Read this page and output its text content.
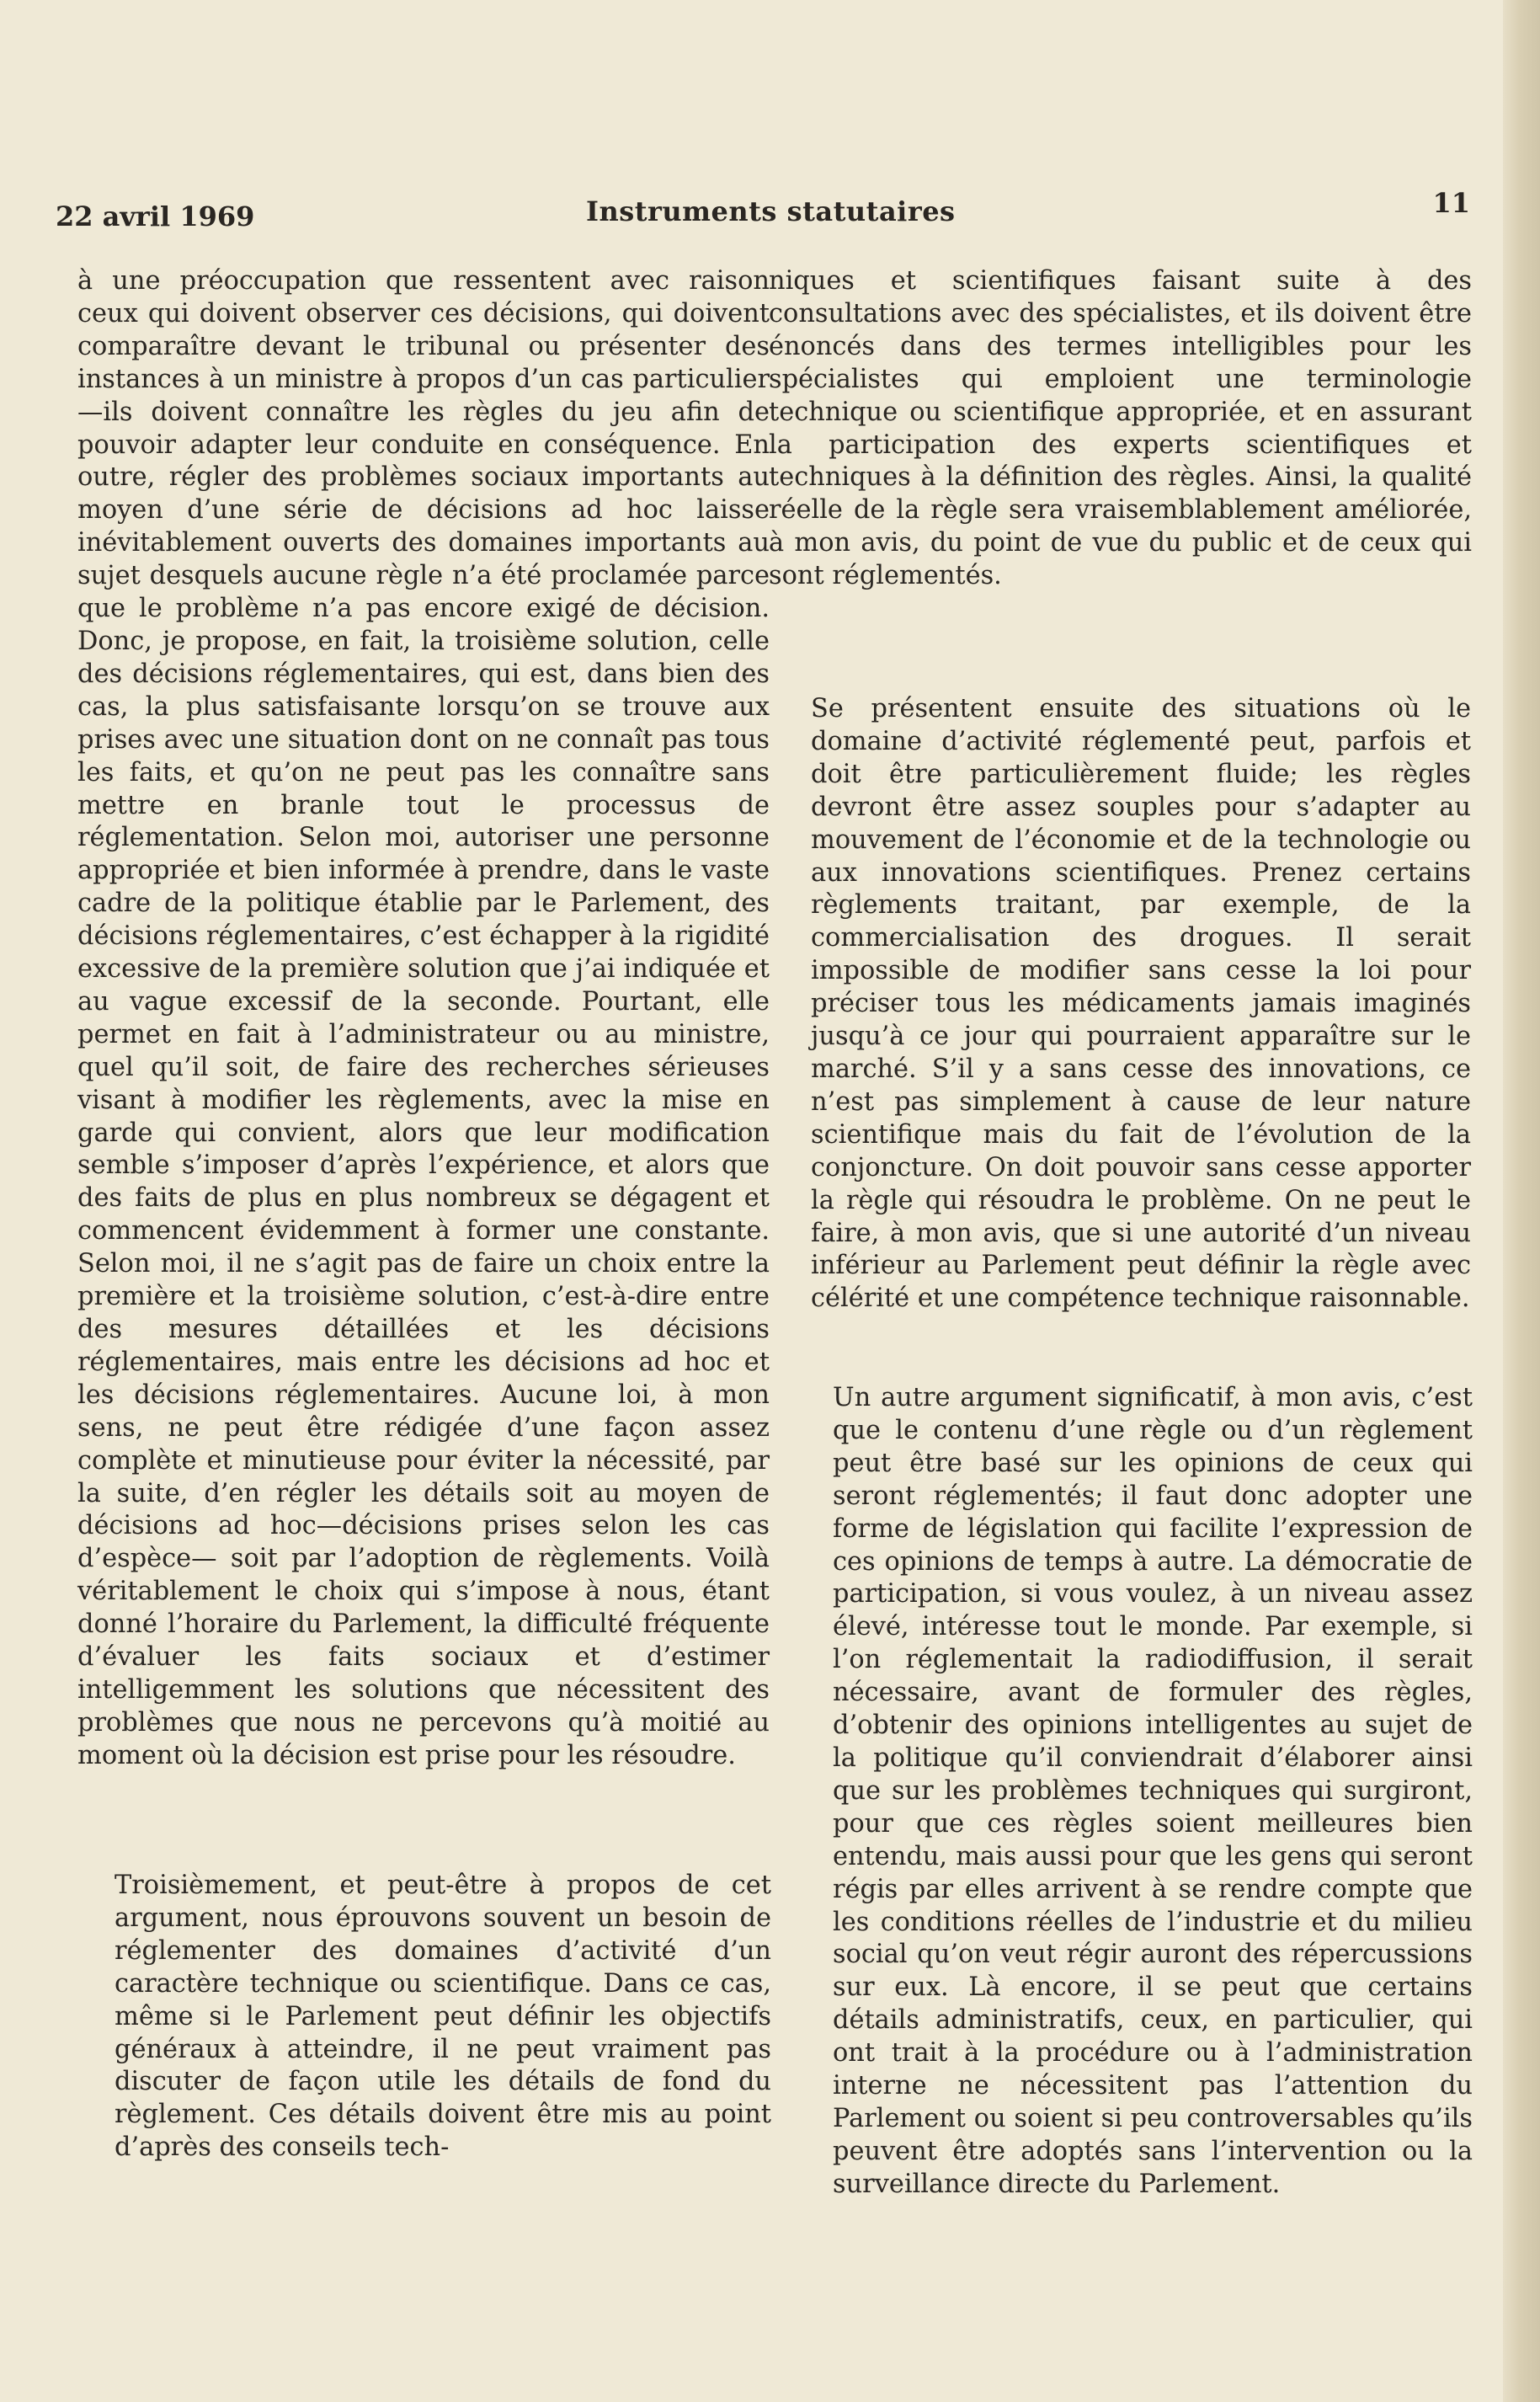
22 avril 1969	Instruments statutaires	11

à une préoccupation que ressentent avec raison ceux qui doivent observer ces décisions, qui doivent comparaître devant le tribunal ou présenter des instances à un ministre à propos d’un cas particulier —ils doivent connaître les règles du jeu afin de pouvoir adapter leur conduite en conséquence. En outre, régler des problèmes sociaux importants au moyen d’une série de décisions ad hoc laisse inévitablement ouverts des domaines importants au sujet desquels aucune règle n’a été proclamée parce que le problème n’a pas encore exigé de décision. Donc, je propose, en fait, la troisième solution, celle des décisions réglementaires, qui est, dans bien des cas, la plus satisfaisante lorsqu’on se trouve aux prises avec une situation dont on ne connaît pas tous les faits, et qu’on ne peut pas les connaître sans mettre en branle tout le processus de réglementation. Selon moi, autoriser une personne appropriée et bien informée à prendre, dans le vaste cadre de la politique établie par le Parlement, des décisions réglementaires, c’est échapper à la rigidité excessive de la première solution que j’ai indiquée et au vague excessif de la seconde. Pourtant, elle permet en fait à l’administrateur ou au ministre, quel qu’il soit, de faire des recherches sérieuses visant à modifier les règlements, avec la mise en garde qui convient, alors que leur modification semble s’imposer d’après l’expérience, et alors que des faits de plus en plus nombreux se dégagent et commencent évidemment à former une constante. Selon moi, il ne s’agit pas de faire un choix entre la première et la troisième solution, c’est-à-dire entre des mesures détaillées et les décisions réglementaires, mais entre les décisions ad hoc et les décisions réglementaires. Aucune loi, à mon sens, ne peut être rédigée d’une façon assez complète et minutieuse pour éviter la nécessité, par la suite, d’en régler les détails soit au moyen de décisions ad hoc—décisions prises selon les cas d’espèce— soit par l’adoption de règlements. Voilà véritablement le choix qui s’impose à nous, étant donné l’horaire du Parlement, la difficulté fréquente d’évaluer les faits sociaux et d’estimer intelligemment les solutions que nécessitent des problèmes que nous ne percevons qu’à moitié au moment où la décision est prise pour les résoudre.

Troisièmement, et peut-être à propos de cet argument, nous éprouvons souvent un besoin de réglementer des domaines d’activité d’un caractère technique ou scientifique. Dans ce cas, même si le Parlement peut définir les objectifs généraux à atteindre, il ne peut vraiment pas discuter de façon utile les détails de fond du règlement. Ces détails doivent être mis au point d’après des conseils tech-

niques et scientifiques faisant suite à des consultations avec des spécialistes, et ils doivent être énoncés dans des termes intelligibles pour les spécialistes qui emploient une terminologie technique ou scientifique appropriée, et en assurant la participation des experts scientifiques et techniques à la définition des règles. Ainsi, la qualité réelle de la règle sera vraisemblablement améliorée, à mon avis, du point de vue du public et de ceux qui sont réglementés.

Se présentent ensuite des situations où le domaine d’activité réglementé peut, parfois et doit être particulièrement fluide; les règles devront être assez souples pour s’adapter au mouvement de l’économie et de la technologie ou aux innovations scientifiques. Prenez certains règlements traitant, par exemple, de la commercialisation des drogues. Il serait impossible de modifier sans cesse la loi pour préciser tous les médicaments jamais imaginés jusqu’à ce jour qui pourraient apparaître sur le marché. S’il y a sans cesse des innovations, ce n’est pas simplement à cause de leur nature scientifique mais du fait de l’évolution de la conjoncture. On doit pouvoir sans cesse apporter la règle qui résoudra le problème. On ne peut le faire, à mon avis, que si une autorité d’un niveau inférieur au Parlement peut définir la règle avec célérité et une compétence technique raisonnable.

Un autre argument significatif, à mon avis, c’est que le contenu d’une règle ou d’un règlement peut être basé sur les opinions de ceux qui seront réglementés; il faut donc adopter une forme de législation qui facilite l’expression de ces opinions de temps à autre. La démocratie de participation, si vous voulez, à un niveau assez élevé, intéresse tout le monde. Par exemple, si l’on réglementait la radiodiffusion, il serait nécessaire, avant de formuler des règles, d’obtenir des opinions intelligentes au sujet de la politique qu’il conviendrait d’élaborer ainsi que sur les problèmes techniques qui surgiront, pour que ces règles soient meilleures bien entendu, mais aussi pour que les gens qui seront régis par elles arrivent à se rendre compte que les conditions réelles de l’industrie et du milieu social qu’on veut régir auront des répercussions sur eux. Là encore, il se peut que certains détails administratifs, ceux, en particulier, qui ont trait à la procédure ou à l’administration interne ne nécessitent pas l’attention du Parlement ou soient si peu controversables qu’ils peuvent être adoptés sans l’intervention ou la surveillance directe du Parlement.
